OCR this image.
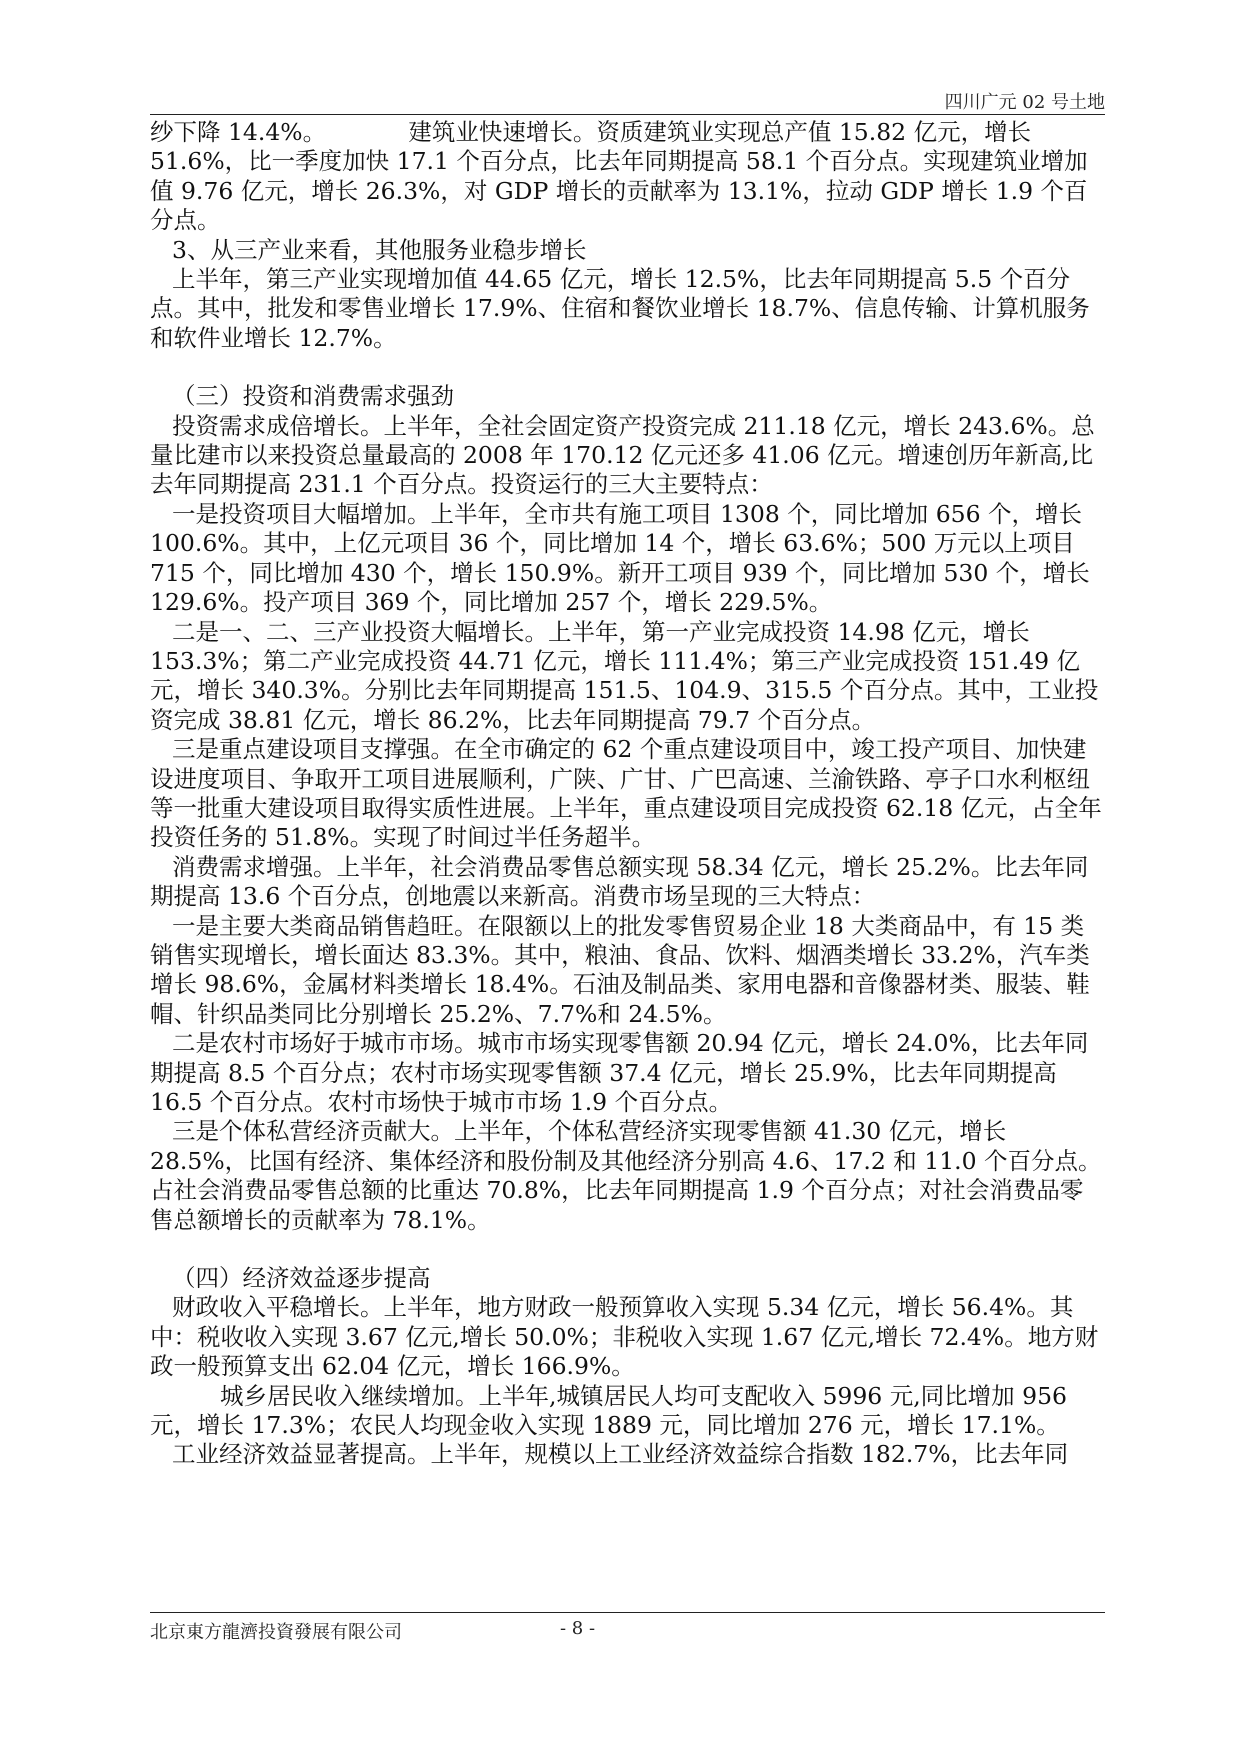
四川广元 02 号土地

纱下降 14.4%。　　　　建筑业快速增长。资质建筑业实现总产值 15.82 亿元，增长 51.6%，比一季度加快 17.1 个百分点，比去年同期提高 58.1 个百分点。实现建筑业增加值 9.76 亿元，增长 26.3%，对 GDP 增长的贡献率为 13.1%，拉动 GDP 增长 1.9 个百分点。

3、从三产业来看，其他服务业稳步增长

上半年，第三产业实现增加值 44.65 亿元，增长 12.5%，比去年同期提高 5.5 个百分点。其中，批发和零售业增长 17.9%、住宿和餐饮业增长 18.7%、信息传输、计算机服务和软件业增长 12.7%。

（三）投资和消费需求强劲

投资需求成倍增长。上半年，全社会固定资产投资完成 211.18 亿元，增长 243.6%。总量比建市以来投资总量最高的 2008 年 170.12 亿元还多 41.06 亿元。增速创历年新高,比去年同期提高 231.1 个百分点。投资运行的三大主要特点：

一是投资项目大幅增加。上半年，全市共有施工项目 1308 个，同比增加 656 个，增长 100.6%。其中，上亿元项目 36 个，同比增加 14 个，增长 63.6%；500 万元以上项目 715 个，同比增加 430 个，增长 150.9%。新开工项目 939 个，同比增加 530 个，增长 129.6%。投产项目 369 个，同比增加 257 个，增长 229.5%。

二是一、二、三产业投资大幅增长。上半年，第一产业完成投资 14.98 亿元，增长 153.3%；第二产业完成投资 44.71 亿元，增长 111.4%；第三产业完成投资 151.49 亿元，增长 340.3%。分别比去年同期提高 151.5、104.9、315.5 个百分点。其中，工业投资完成 38.81 亿元，增长 86.2%，比去年同期提高 79.7 个百分点。

三是重点建设项目支撑强。在全市确定的 62 个重点建设项目中，竣工投产项目、加快建设进度项目、争取开工项目进展顺利，广陕、广甘、广巴高速、兰渝铁路、亭子口水利枢纽等一批重大建设项目取得实质性进展。上半年，重点建设项目完成投资 62.18 亿元，占全年投资任务的 51.8%。实现了时间过半任务超半。

消费需求增强。上半年，社会消费品零售总额实现 58.34 亿元，增长 25.2%。比去年同期提高 13.6 个百分点，创地震以来新高。消费市场呈现的三大特点：

一是主要大类商品销售趋旺。在限额以上的批发零售贸易企业 18 大类商品中，有 15 类销售实现增长，增长面达 83.3%。其中，粮油、食品、饮料、烟酒类增长 33.2%，汽车类增长 98.6%，金属材料类增长 18.4%。石油及制品类、家用电器和音像器材类、服装、鞋帽、针织品类同比分别增长 25.2%、7.7%和 24.5%。

二是农村市场好于城市市场。城市市场实现零售额 20.94 亿元，增长 24.0%，比去年同期提高 8.5 个百分点；农村市场实现零售额 37.4 亿元，增长 25.9%，比去年同期提高 16.5 个百分点。农村市场快于城市市场 1.9 个百分点。

三是个体私营经济贡献大。上半年，个体私营经济实现零售额 41.30 亿元，增长 28.5%，比国有经济、集体经济和股份制及其他经济分别高 4.6、17.2 和 11.0 个百分点。占社会消费品零售总额的比重达 70.8%，比去年同期提高 1.9 个百分点；对社会消费品零售总额增长的贡献率为 78.1%。

（四）经济效益逐步提高

财政收入平稳增长。上半年，地方财政一般预算收入实现 5.34 亿元，增长 56.4%。其中：税收收入实现 3.67 亿元,增长 50.0%；非税收入实现 1.67 亿元,增长 72.4%。地方财政一般预算支出 62.04 亿元，增长 166.9%。

城乡居民收入继续增加。上半年,城镇居民人均可支配收入 5996 元,同比增加 956 元，增长 17.3%；农民人均现金收入实现 1889 元，同比增加 276 元，增长 17.1%。

工业经济效益显著提高。上半年，规模以上工业经济效益综合指数 182.7%，比去年同

北京東方龍濟投資發展有限公司	- 8 -
